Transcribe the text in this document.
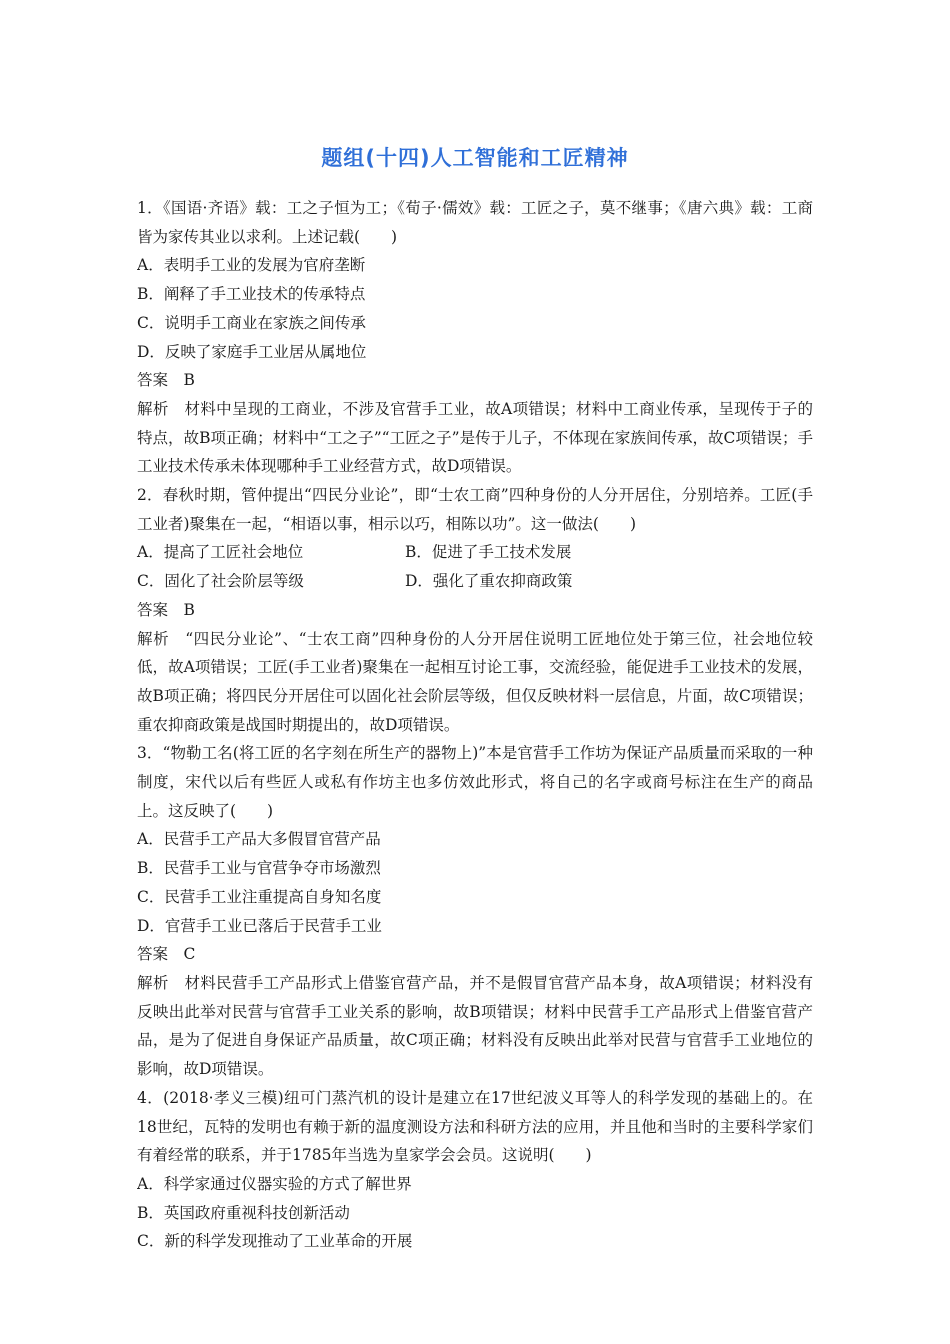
题组(十四)人工智能和工匠精神
1．《国语·齐语》载：工之子恒为工；《荀子·儒效》载：工匠之子，莫不继事；《唐六典》载：工商皆为家传其业以求利。上述记载(　　)
A．表明手工业的发展为官府垄断
B．阐释了手工业技术的传承特点
C．说明手工商业在家族之间传承
D．反映了家庭手工业居从属地位
答案　B
解析　材料中呈现的工商业，不涉及官营手工业，故A项错误；材料中工商业传承，呈现传于子的特点，故B项正确；材料中“工之子”“工匠之子”是传于儿子，不体现在家族间传承，故C项错误；手工业技术传承未体现哪种手工业经营方式，故D项错误。
2．春秋时期，管仲提出“四民分业论”，即“士农工商”四种身份的人分开居住，分别培养。工匠(手工业者)聚集在一起，“相语以事，相示以巧，相陈以功”。这一做法(　　)
A．提高了工匠社会地位	B．促进了手工技术发展
C．固化了社会阶层等级	D．强化了重农抑商政策
答案　B
解析　“四民分业论”、“士农工商”四种身份的人分开居住说明工匠地位处于第三位，社会地位较低，故A项错误；工匠(手工业者)聚集在一起相互讨论工事，交流经验，能促进手工业技术的发展，故B项正确；将四民分开居住可以固化社会阶层等级，但仅反映材料一层信息，片面，故C项错误；重农抑商政策是战国时期提出的，故D项错误。
3．“物勒工名(将工匠的名字刻在所生产的器物上)”本是官营手工作坊为保证产品质量而采取的一种制度，宋代以后有些匠人或私有作坊主也多仿效此形式，将自己的名字或商号标注在生产的商品上。这反映了(　　)
A．民营手工产品大多假冒官营产品
B．民营手工业与官营争夺市场激烈
C．民营手工业注重提高自身知名度
D．官营手工业已落后于民营手工业
答案　C
解析　材料民营手工产品形式上借鉴官营产品，并不是假冒官营产品本身，故A项错误；材料没有反映出此举对民营与官营手工业关系的影响，故B项错误；材料中民营手工产品形式上借鉴官营产品，是为了促进自身保证产品质量，故C项正确；材料没有反映出此举对民营与官营手工业地位的影响，故D项错误。
4．(2018·孝义三模)纽可门蒸汽机的设计是建立在17世纪波义耳等人的科学发现的基础上的。在18世纪，瓦特的发明也有赖于新的温度测设方法和科研方法的应用，并且他和当时的主要科学家们有着经常的联系，并于1785年当选为皇家学会会员。这说明(　　)
A．科学家通过仪器实验的方式了解世界
B．英国政府重视科技创新活动
C．新的科学发现推动了工业革命的开展
